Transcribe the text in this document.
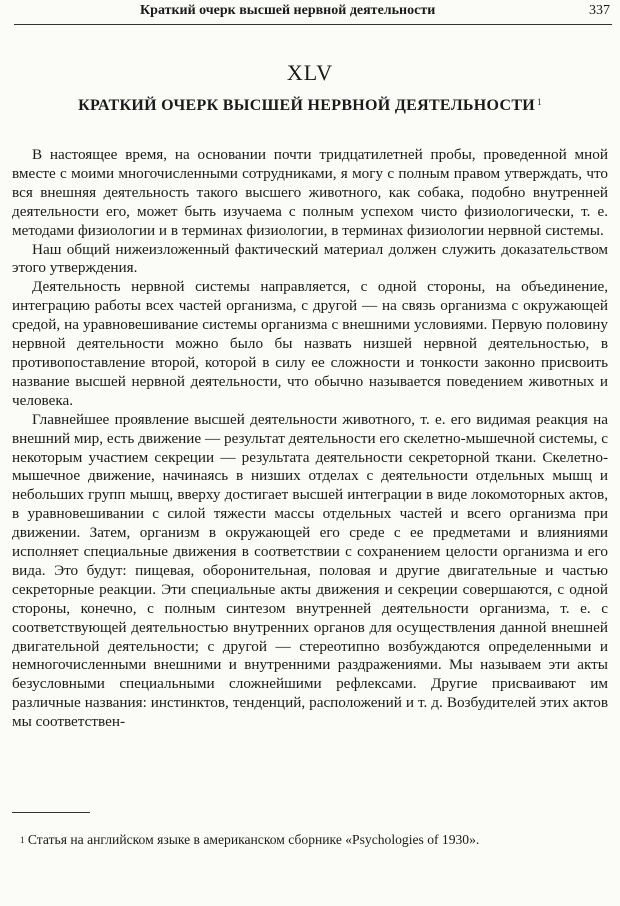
Краткий очерк высшей нервной деятельности	337
XLV
КРАТКИЙ ОЧЕРК ВЫСШЕЙ НЕРВНОЙ ДЕЯТЕЛЬНОСТИ $^1$

В настоящее время, на основании почти тридцатилетней пробы, проведенной мной вместе с моими многочисленными сотрудниками, я могу с полным правом утверждать, что вся внешняя деятельность такого высшего животного, как собака, подобно внутренней деятельности его, может быть изучаема с полным успехом чисто физиологически, т. е. методами физиологии и в терминах физиологии, в терминах физиологии нервной системы.

Наш общий нижеизложенный фактический материал должен служить доказательством этого утверждения.

Деятельность нервной системы направляется, с одной стороны, на объединение, интеграцию работы всех частей организма, с другой — на связь организма с окружающей средой, на уравновешивание системы организма с внешними условиями. Первую половину нервной деятельности можно было бы назвать низшей нервной деятельностью, в противопоставление второй, которой в силу ее сложности и тонкости законно присвоить название высшей нервной деятельности, что обычно называется поведением животных и человека.

Главнейшее проявление высшей деятельности животного, т. е. его видимая реакция на внешний мир, есть движение — результат деятельности его скелетно-мышечной системы, с некоторым участием секреции — результата деятельности секреторной ткани. Скелетно-мышечное движение, начинаясь в низших отделах с деятельности отдельных мышц и небольших групп мышц, вверху достигает высшей интеграции в виде локомоторных актов, в уравновешивании с силой тяжести массы отдельных частей и всего организма при движении. Затем, организм в окружающей его среде с ее предметами и влияниями исполняет специальные движения в соответствии с сохранением целости организма и его вида. Это будут: пищевая, оборонительная, половая и другие двигательные и частью секреторные реакции. Эти специальные акты движения и секреции совершаются, с одной стороны, конечно, с полным синтезом внутренней деятельности организма, т. е. с соответствующей деятельностью внутренних органов для осуществления данной внешней двигательной деятельности; с другой — стереотипно возбуждаются определенными и немногочисленными внешними и внутренними раздражениями. Мы называем эти акты безусловными специальными сложнейшими рефлексами. Другие присваивают им различные названия: инстинктов, тенденций, расположений и т. д. Возбудителей этих актов мы соответствен-

$^1$ Статья на английском языке в американском сборнике «Psychologies of 1930».
